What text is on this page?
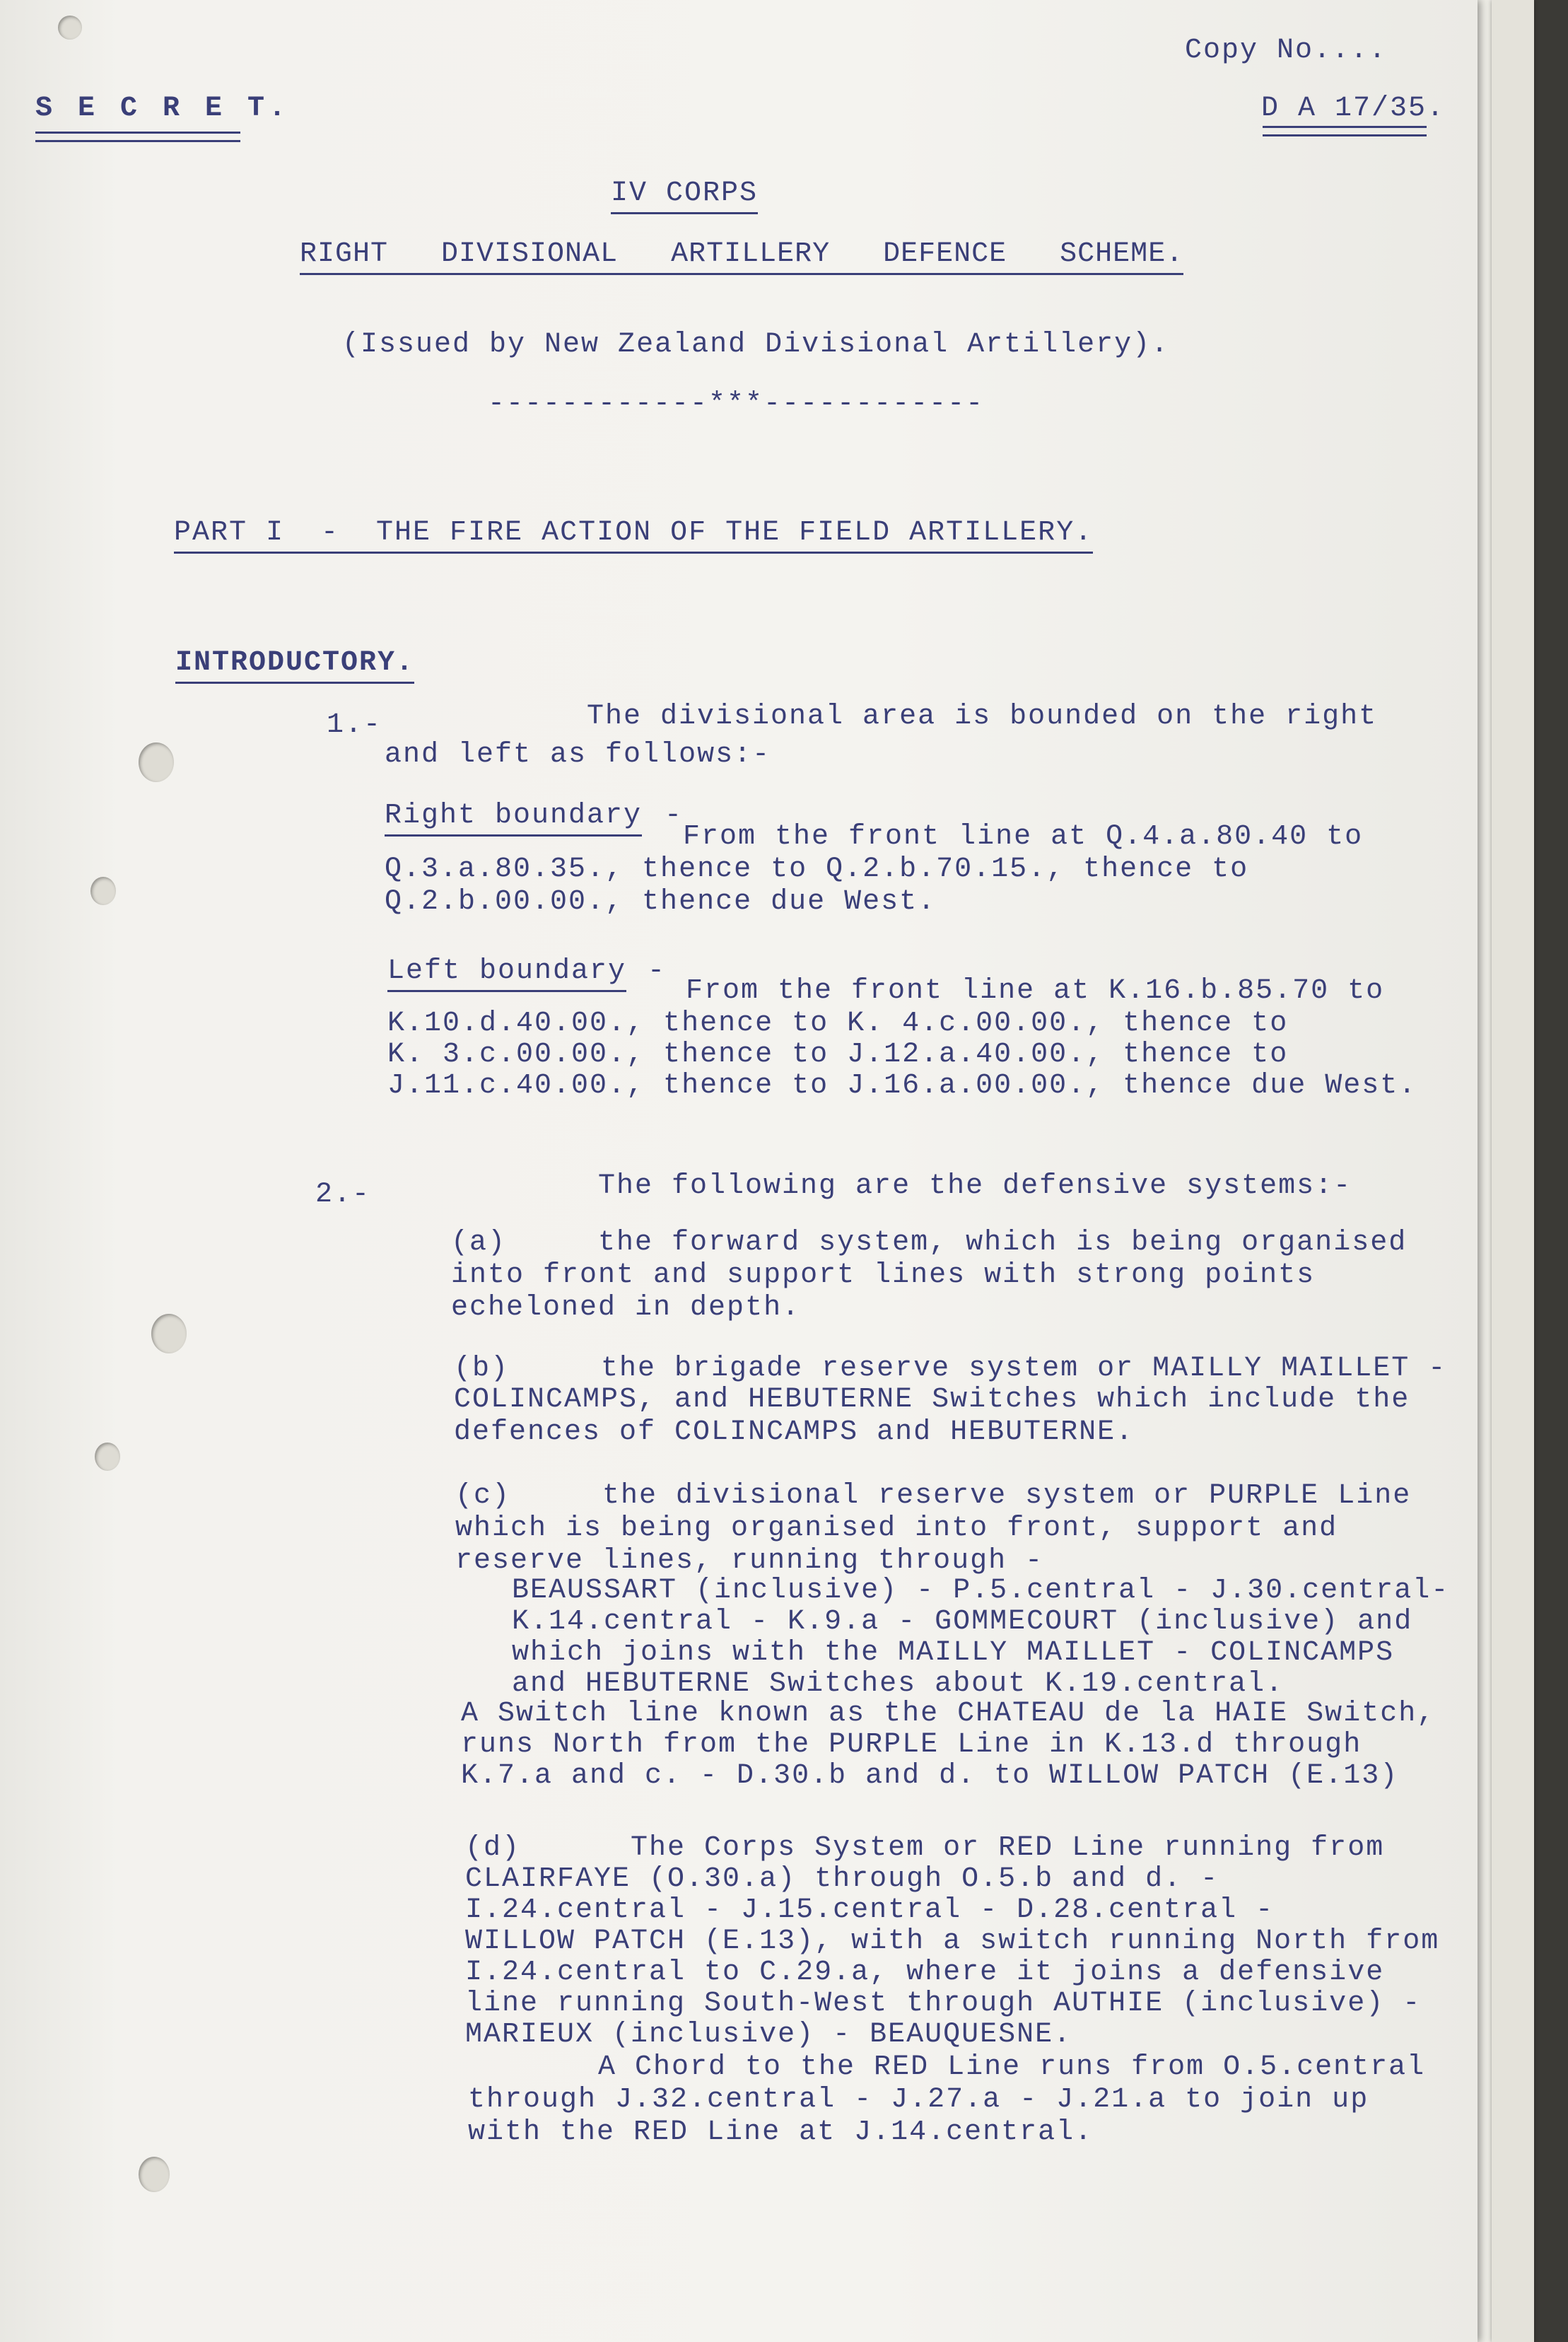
Copy No....
S E C R E T.	D A 17/35.
IV CORPS
RIGHT   DIVISIONAL   ARTILLERY   DEFENCE   SCHEME.
(Issued by New Zealand Divisional Artillery).
------------***------------
PART I  -  THE FIRE ACTION OF THE FIELD ARTILLERY.
INTRODUCTORY.
1.-	The divisional area is bounded on the right
and left as follows:-
Right boundary -
From the front line at Q.4.a.80.40 to
Q.3.a.80.35., thence to Q.2.b.70.15., thence to
Q.2.b.00.00., thence due West.
Left boundary -
From the front line at K.16.b.85.70 to
K.10.d.40.00., thence to K. 4.c.00.00., thence to
K. 3.c.00.00., thence to J.12.a.40.00., thence to
J.11.c.40.00., thence to J.16.a.00.00., thence due West.
2.-	The following are the defensive systems:-
(a)     the forward system, which is being organised
into front and support lines with strong points
echeloned in depth.
(b)     the brigade reserve system or MAILLY MAILLET -
COLINCAMPS, and HEBUTERNE Switches which include the
defences of COLINCAMPS and HEBUTERNE.
(c)     the divisional reserve system or PURPLE Line
which is being organised into front, support and
reserve lines, running through -
BEAUSSART (inclusive) - P.5.central - J.30.central-
K.14.central - K.9.a - GOMMECOURT (inclusive) and
which joins with the MAILLY MAILLET - COLINCAMPS
and HEBUTERNE Switches about K.19.central.
A Switch line known as the CHATEAU de la HAIE Switch,
runs North from the PURPLE Line in K.13.d through
K.7.a and c. - D.30.b and d. to WILLOW PATCH (E.13)
(d)      The Corps System or RED Line running from
CLAIRFAYE (O.30.a) through O.5.b and d. -
I.24.central - J.15.central - D.28.central -
WILLOW PATCH (E.13), with a switch running North from
I.24.central to C.29.a, where it joins a defensive
line running South-West through AUTHIE (inclusive) -
MARIEUX (inclusive) - BEAUQUESNE.
A Chord to the RED Line runs from O.5.central
through J.32.central - J.27.a - J.21.a to join up
with the RED Line at J.14.central.
